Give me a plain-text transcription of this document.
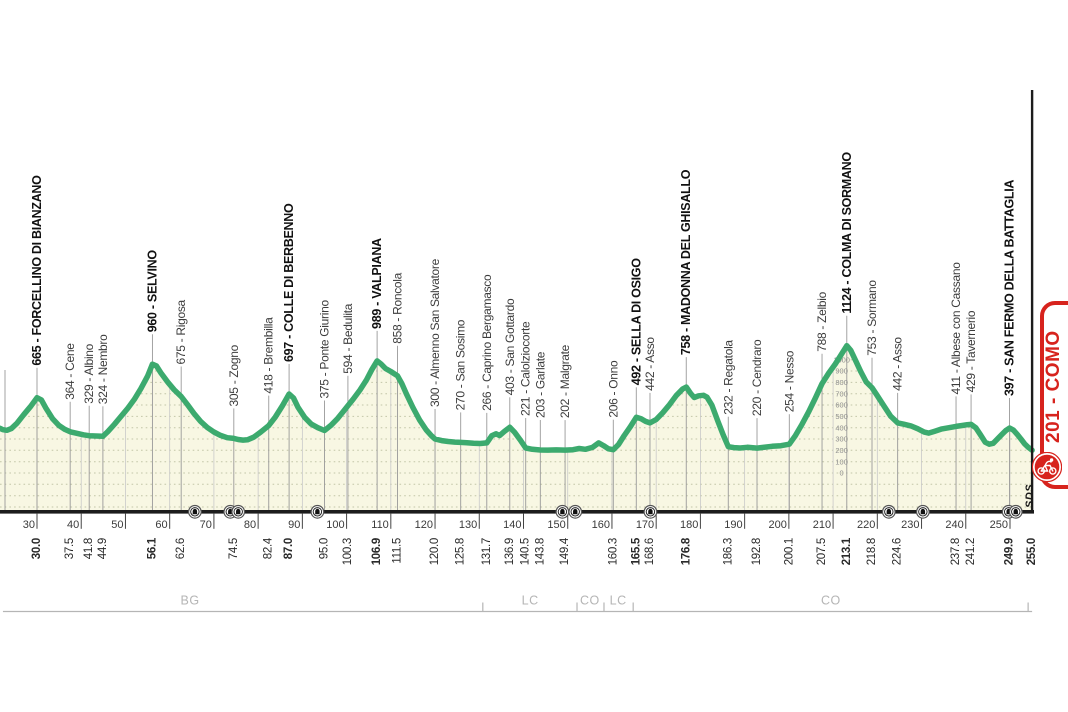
0
100
200
300
400
500
600
700
800
900
1000
30	40	50	60	70	80	90 100 110 120 130 140 150 160 170 180 190 200 210 220 230 240 250
665 - FORCELLINO DI BIANZANO
364 - Cene 329 - Albino 324 - Nembro
960 - SELVINO
675 - Rigosa
305 - Zogno 418 - Brembilla 697 - COLLE DI BERBENNO 375 - Ponte Giurino 594 - Bedulita
989 - VALPIANA 858 - Roncola 300 - Almenno San Salvatore 270 - San Sosimo 266 - Caprino Bergamasco 403 - San Gottardo 221 - Calolziocorte 203 - Garlate 202 - Malgrate	206 - Onno
492 - SELLA DI OSIGO 442 - Asso
758 - MADONNA DEL GHISALLO
232 - Regatola 220 - Cendraro 254 - Nesso
788 - Zelbio
1124 - COLMA DI SORMANO
753 - Sormano
442 - Asso	411 - Albese con Cassano 429 - Tavernerio 397 - SAN FERMO DELLA BATTAGLIA
30.0 37.5 41.8 44.9	56.1 62.6	74.5 82.4 87.0 95.0 100.3 106.9 111.5 120.0 125.8 131.7 136.9 140.5 143.8 149.4	160.3 165.5 168.6 176.8	186.3 192.8 200.1 207.5 213.1 218.8 224.6	237.8 241.2 249.9 255.0
BG	LC	CO LC	CO
201 - COMO
SDS
